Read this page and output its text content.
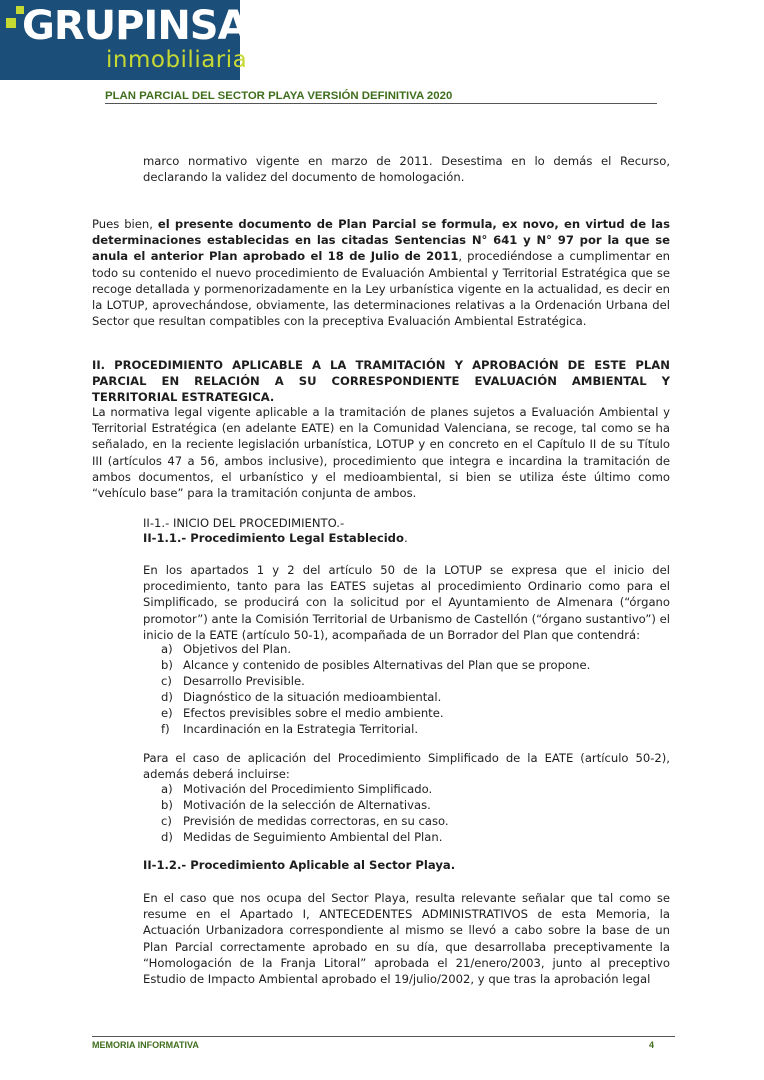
GRUPINSA
inmobiliaria
PLAN PARCIAL DEL SECTOR PLAYA VERSIÓN DEFINITIVA 2020

marco normativo vigente en marzo de 2011. Desestima en lo demás el Recurso, declarando la validez del documento de homologación.

Pues bien, el presente documento de Plan Parcial se formula, ex novo, en virtud de las determinaciones establecidas en las citadas Sentencias N° 641 y N° 97 por la que se anula el anterior Plan aprobado el 18 de Julio de 2011, procediéndose a cumplimentar en todo su contenido el nuevo procedimiento de Evaluación Ambiental y Territorial Estratégica que se recoge detallada y pormenorizadamente en la Ley urbanística vigente en la actualidad, es decir en la LOTUP, aprovechándose, obviamente, las determinaciones relativas a la Ordenación Urbana del Sector que resultan compatibles con la preceptiva Evaluación Ambiental Estratégica.

II. PROCEDIMIENTO APLICABLE A LA TRAMITACIÓN Y APROBACIÓN DE ESTE PLAN PARCIAL EN RELACIÓN A SU CORRESPONDIENTE EVALUACIÓN AMBIENTAL Y TERRITORIAL ESTRATEGICA.

La normativa legal vigente aplicable a la tramitación de planes sujetos a Evaluación Ambiental y Territorial Estratégica (en adelante EATE) en la Comunidad Valenciana, se recoge, tal como se ha señalado, en la reciente legislación urbanística, LOTUP y en concreto en el Capítulo II de su Título III (artículos 47 a 56, ambos inclusive), procedimiento que integra e incardina la tramitación de ambos documentos, el urbanístico y el medioambiental, si bien se utiliza éste último como “vehículo base” para la tramitación conjunta de ambos.

II-1.- INICIO DEL PROCEDIMIENTO.-

II-1.1.- Procedimiento Legal Establecido.

En los apartados 1 y 2 del artículo 50 de la LOTUP se expresa que el inicio del procedimiento, tanto para las EATES sujetas al procedimiento Ordinario como para el Simplificado, se producirá con la solicitud por el Ayuntamiento de Almenara (“órgano promotor”) ante la Comisión Territorial de Urbanismo de Castellón (“órgano sustantivo”) el inicio de la EATE (artículo 50-1), acompañada de un Borrador del Plan que contendrá:

a) Objetivos del Plan.
b) Alcance y contenido de posibles Alternativas del Plan que se propone.
c) Desarrollo Previsible.
d) Diagnóstico de la situación medioambiental.
e) Efectos previsibles sobre el medio ambiente.
f) Incardinación en la Estrategia Territorial.

Para el caso de aplicación del Procedimiento Simplificado de la EATE (artículo 50-2), además deberá incluirse:

a) Motivación del Procedimiento Simplificado.
b) Motivación de la selección de Alternativas.
c) Previsión de medidas correctoras, en su caso.
d) Medidas de Seguimiento Ambiental del Plan.

II-1.2.- Procedimiento Aplicable al Sector Playa.

En el caso que nos ocupa del Sector Playa, resulta relevante señalar que tal como se resume en el Apartado I, ANTECEDENTES ADMINISTRATIVOS de esta Memoria, la Actuación Urbanizadora correspondiente al mismo se llevó a cabo sobre la base de un Plan Parcial correctamente aprobado en su día, que desarrollaba preceptivamente la “Homologación de la Franja Litoral” aprobada el 21/enero/2003, junto al preceptivo Estudio de Impacto Ambiental aprobado el 19/julio/2002, y que tras la aprobación legal

MEMORIA INFORMATIVA	4
